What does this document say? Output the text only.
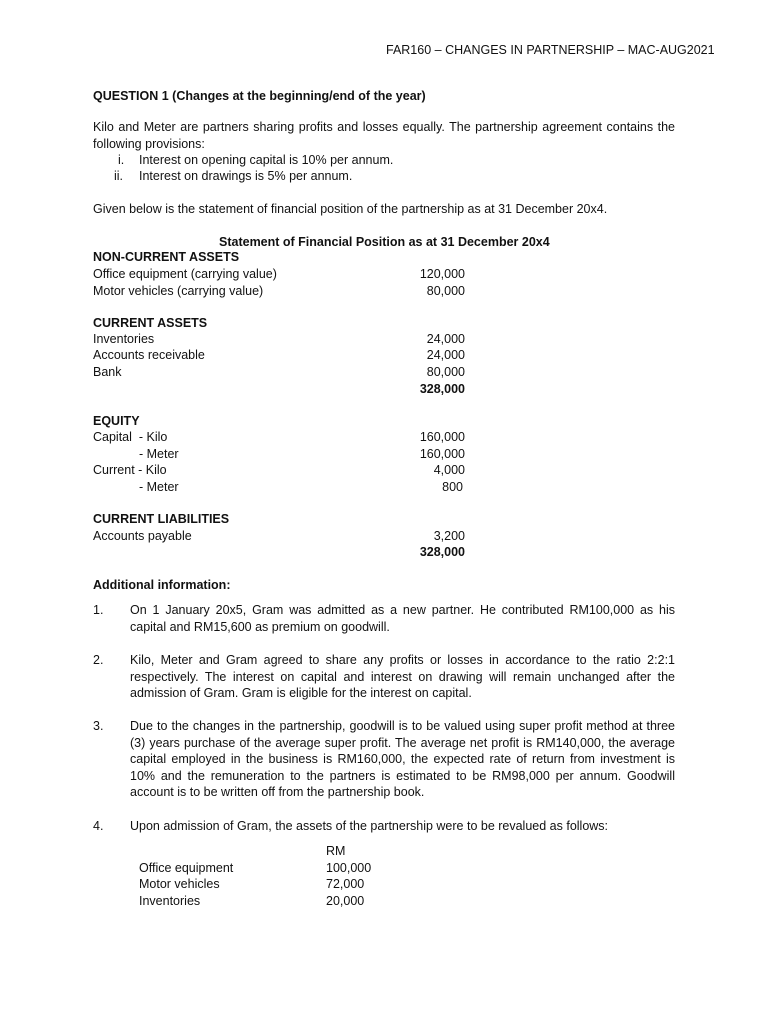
FAR160 – CHANGES IN PARTNERSHIP – MAC-AUG2021
QUESTION 1 (Changes at the beginning/end of the year)
Kilo and Meter are partners sharing profits and losses equally. The partnership agreement contains the following provisions:
i. Interest on opening capital is 10% per annum.
ii. Interest on drawings is 5% per annum.
Given below is the statement of financial position of the partnership as at 31 December 20x4.
Statement of Financial Position as at 31 December 20x4
NON-CURRENT ASSETS
Office equipment (carrying value)	120,000
Motor vehicles (carrying value)	80,000
CURRENT ASSETS
Inventories	24,000
Accounts receivable	24,000
Bank	80,000
328,000
EQUITY
Capital  - Kilo	160,000
- Meter	160,000
Current - Kilo	4,000
- Meter	800
CURRENT LIABILITIES
Accounts payable	3,200
328,000
Additional information:
1. On 1 January 20x5, Gram was admitted as a new partner. He contributed RM100,000 as his capital and RM15,600 as premium on goodwill.
2. Kilo, Meter and Gram agreed to share any profits or losses in accordance to the ratio 2:2:1 respectively. The interest on capital and interest on drawing will remain unchanged after the admission of Gram. Gram is eligible for the interest on capital.
3. Due to the changes in the partnership, goodwill is to be valued using super profit method at three (3) years purchase of the average super profit. The average net profit is RM140,000, the average capital employed in the business is RM160,000, the expected rate of return from investment is 10% and the remuneration to the partners is estimated to be RM98,000 per annum. Goodwill account is to be written off from the partnership book.
4. Upon admission of Gram, the assets of the partnership were to be revalued as follows:
RM
Office equipment	100,000
Motor vehicles	72,000
Inventories	20,000
